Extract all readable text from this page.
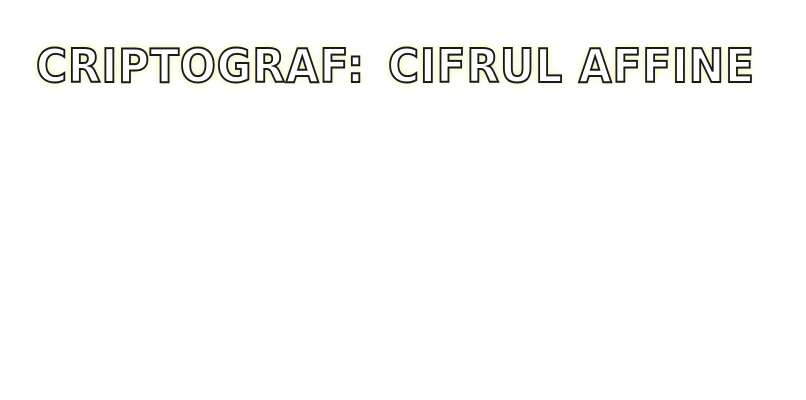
CRIPTOGRAF: CIFRUL AFFINE
